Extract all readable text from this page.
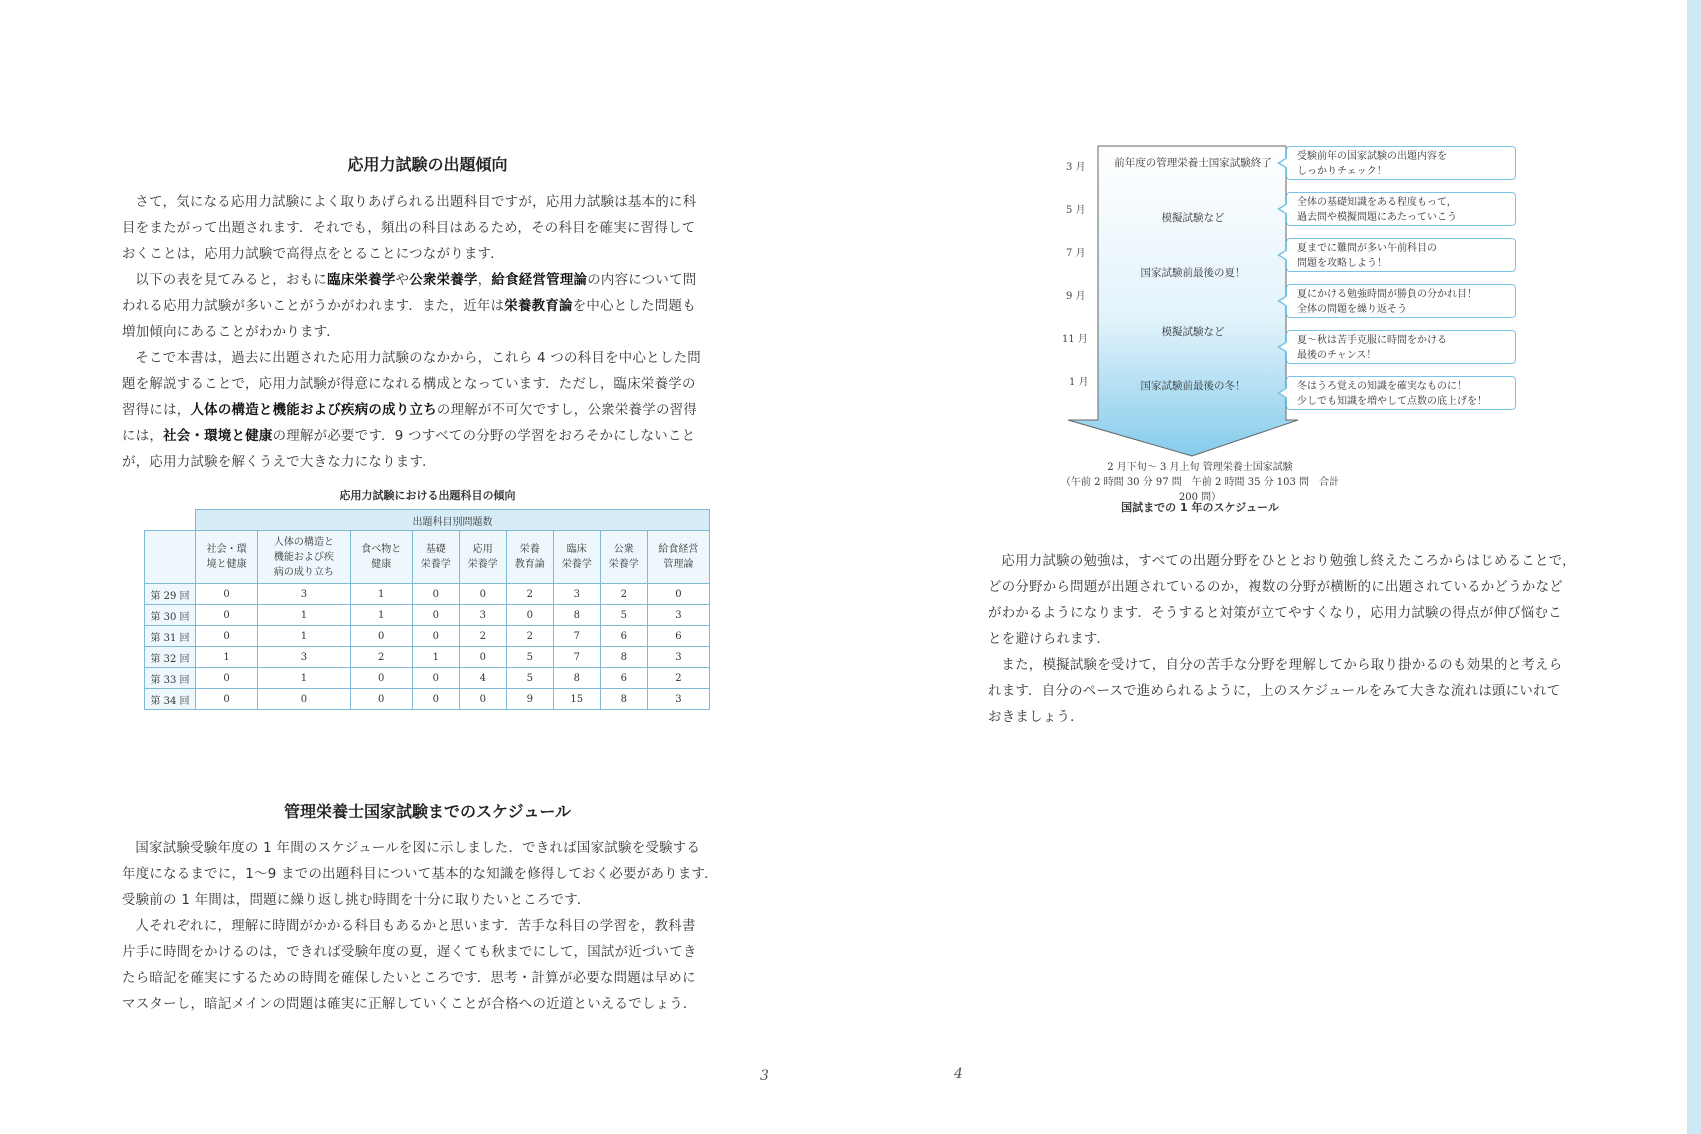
応用力試験の出題傾向

さて，気になる応用力試験によく取りあげられる出題科目ですが，応用力試験は基本的に科

目をまたがって出題されます．それでも，頻出の科目はあるため，その科目を確実に習得して
おくことは，応用力試験で高得点をとることにつながります．

以下の表を見てみると，おもに臨床栄養学や公衆栄養学，給食経営管理論の内容について問

われる応用力試験が多いことがうかがわれます．また，近年は栄養教育論を中心とした問題も
増加傾向にあることがわかります．

そこで本書は，過去に出題された応用力試験のなかから，これら 4 つの科目を中心とした問

題を解説することで，応用力試験が得意になれる構成となっています．ただし，臨床栄養学の
習得には，人体の構造と機能および疾病の成り立ちの理解が不可欠ですし，公衆栄養学の習得
には，社会・環境と健康の理解が必要です．9 つすべての分野の学習をおろそかにしないこと
が，応用力試験を解くうえで大きな力になります．
応用力試験における出題科目の傾向
	出題科目別問題数								
	社会・環
境と健康	人体の構造と
機能および疾
病の成り立ち	食べ物と
健康	基礎
栄養学	応用
栄養学	栄養
教育論	臨床
栄養学	公衆
栄養学	給食経営
管理論
第 29 回	0	3	1	0	0	2	3	2	0
第 30 回	0	1	1	0	3	0	8	5	3
第 31 回	0	1	0	0	2	2	7	6	6
第 32 回	1	3	2	1	0	5	7	8	3
第 33 回	0	1	0	0	4	5	8	6	2
第 34 回	0	0	0	0	0	9	15	8	3
管理栄養士国家試験までのスケジュール

国家試験受験年度の 1 年間のスケジュールを図に示しました．できれば国家試験を受験する

年度になるまでに，1〜9 までの出題科目について基本的な知識を修得しておく必要があります．
受験前の 1 年間は，問題に繰り返し挑む時間を十分に取りたいところです．

人それぞれに，理解に時間がかかる科目もあるかと思います．苦手な科目の学習を，教科書

片手に時間をかけるのは，できれば受験年度の夏，遅くても秋までにして，国試が近づいてき
たら暗記を確実にするための時間を確保したいところです．思考・計算が必要な問題は早めに
マスターし，暗記メインの問題は確実に正解していくことが合格への近道といえるでしょう．
3
3 月
5 月
7 月
9 月
11 月
1 月
前年度の管理栄養士国家試験終了
模擬試験など
国家試験前最後の夏！
模擬試験など
国家試験前最後の冬！
受験前年の国家試験の出題内容を
しっかりチェック！
全体の基礎知識をある程度もって，
過去問や模擬問題にあたっていこう
夏までに難問が多い午前科目の
問題を攻略しよう！
夏にかける勉強時間が勝負の分かれ目！
全体の問題を繰り返そう
夏〜秋は苦手克服に時間をかける
最後のチャンス！
冬はうろ覚えの知識を確実なものに！
少しでも知識を増やして点数の底上げを！
2 月下旬〜 3 月上旬 管理栄養士国家試験
（午前 2 時間 30 分 97 問　午前 2 時間 35 分 103 問　合計 200 問）
国試までの 1 年のスケジュール

応用力試験の勉強は，すべての出題分野をひととおり勉強し終えたころからはじめることで，

どの分野から問題が出題されているのか，複数の分野が横断的に出題されているかどうかなど
がわかるようになります．そうすると対策が立てやすくなり，応用力試験の得点が伸び悩むこ
とを避けられます．

また，模擬試験を受けて，自分の苦手な分野を理解してから取り掛かるのも効果的と考えら

れます．自分のペースで進められるように，上のスケジュールをみて大きな流れは頭にいれて
おきましょう．
4
